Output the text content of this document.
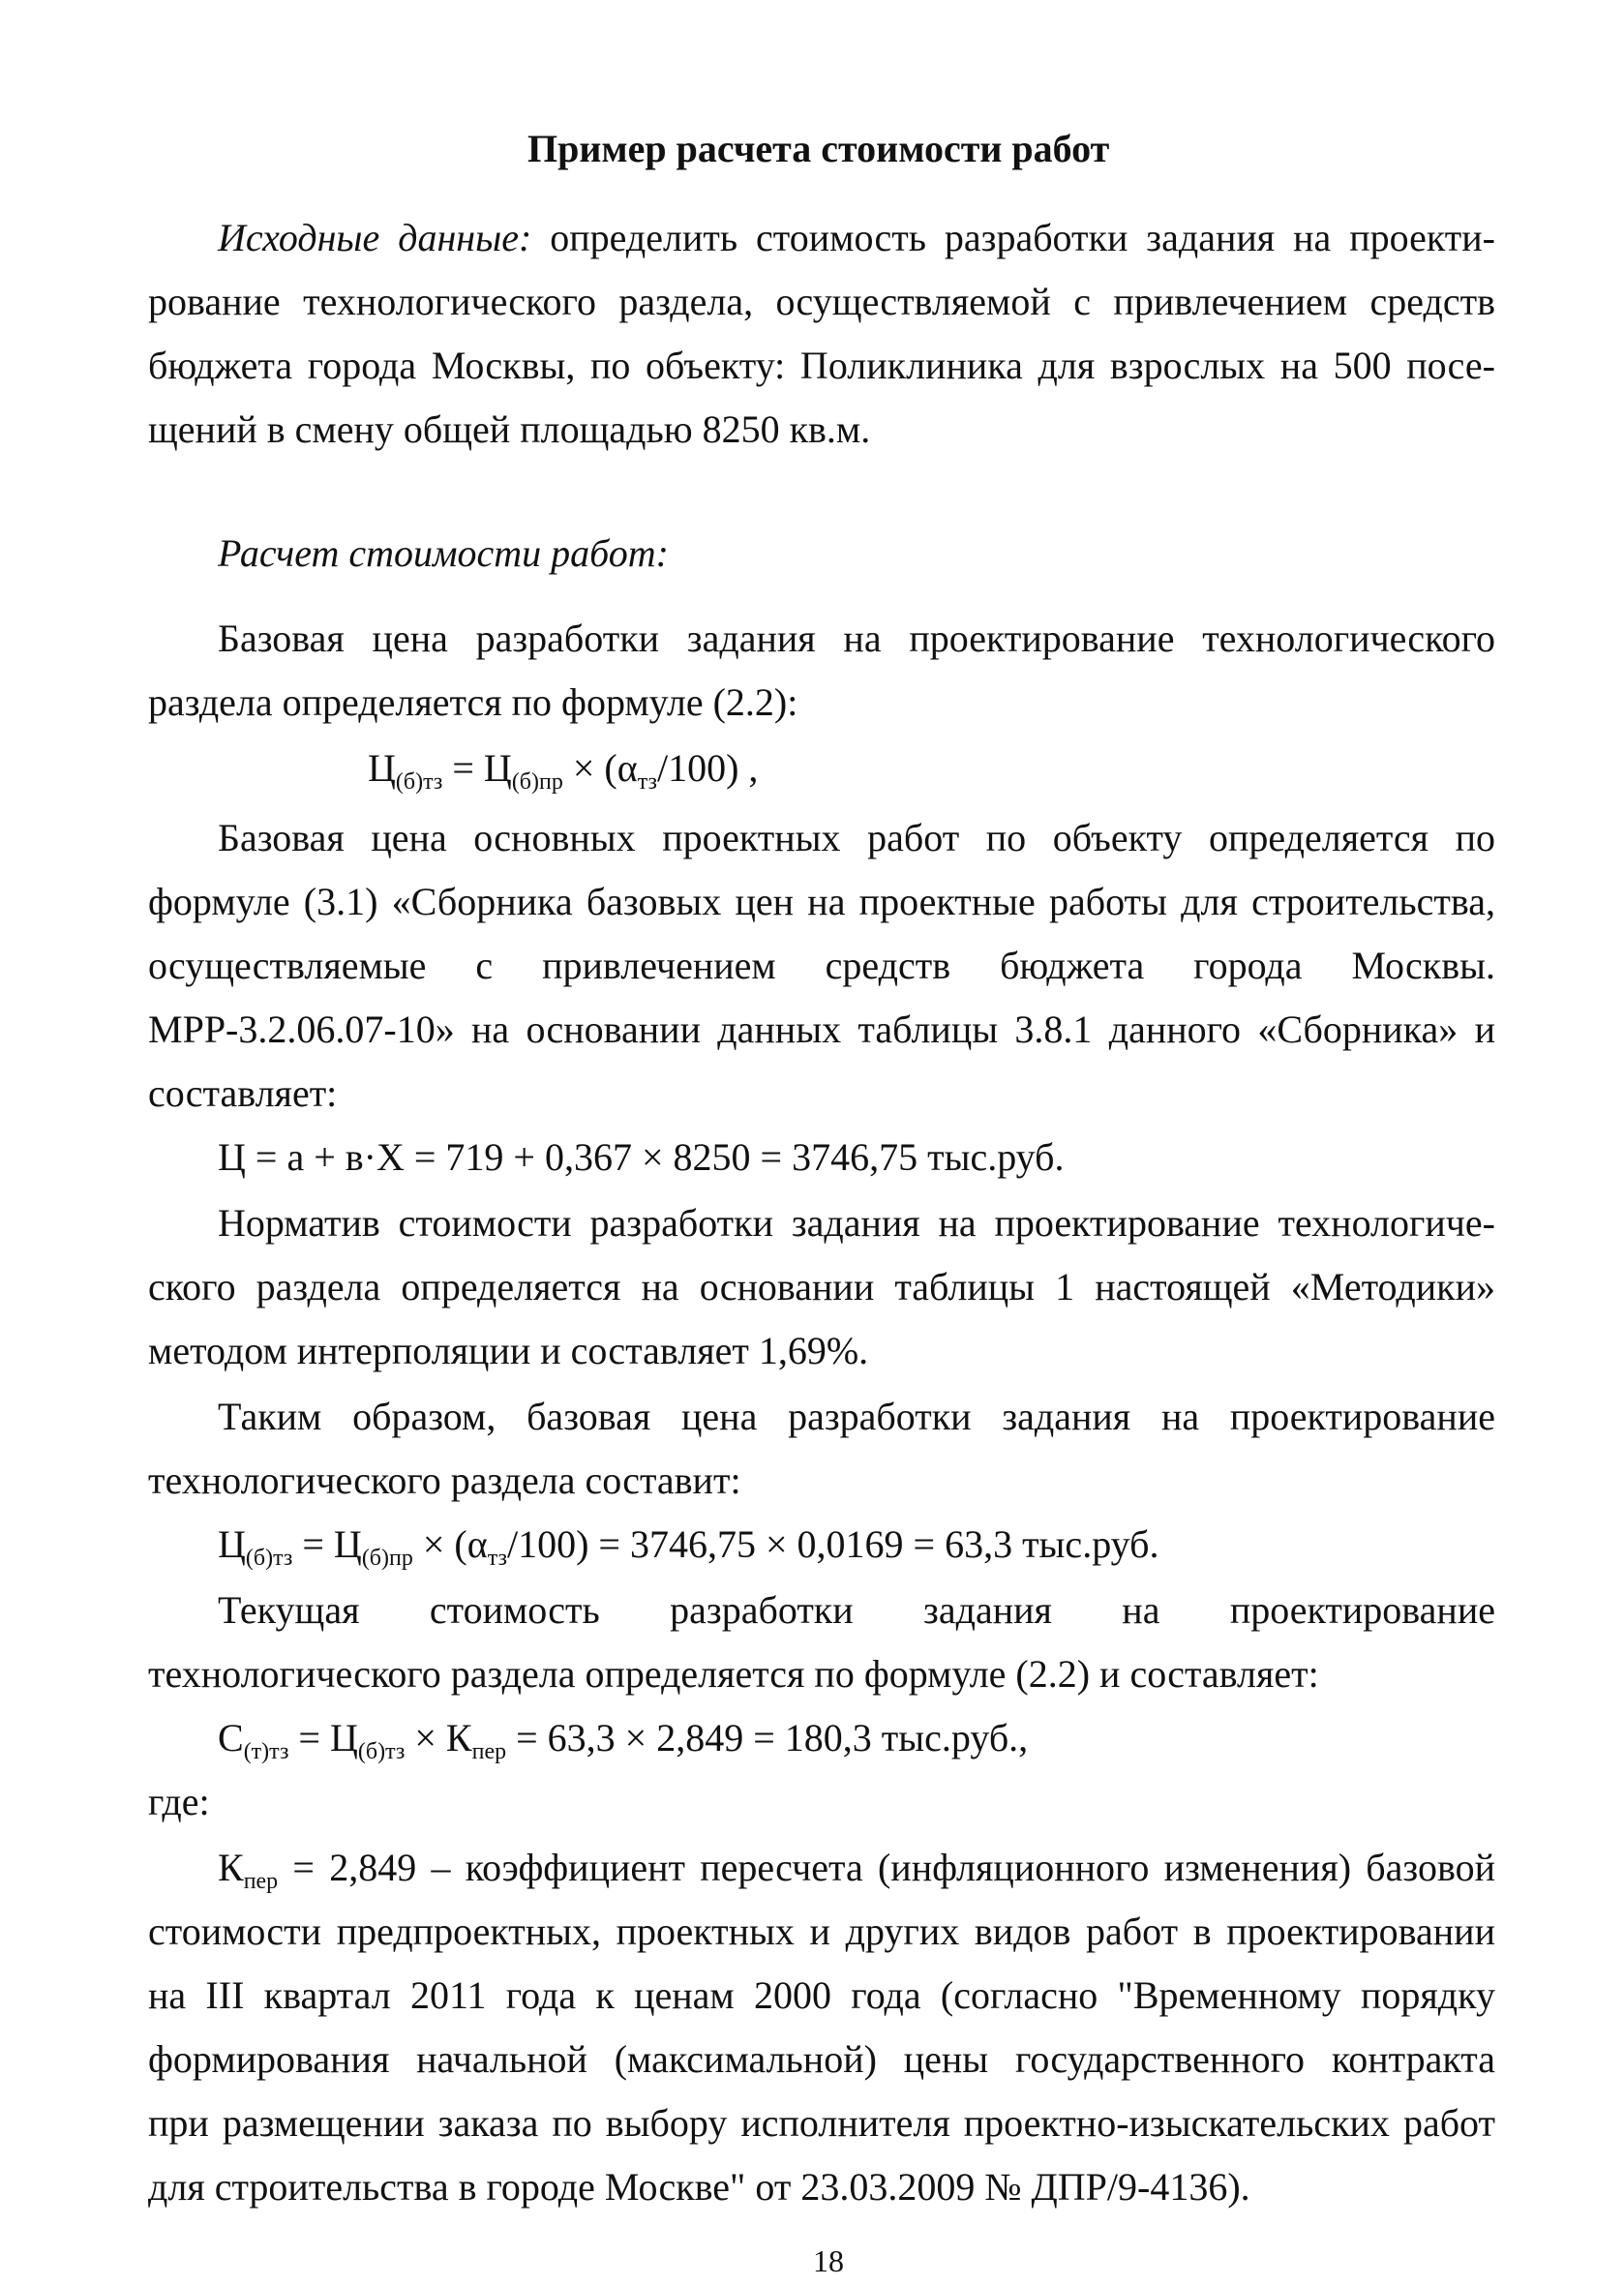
Пример расчета стоимости работ
Исходные данные: определить стоимость разработки задания на проекти-
рование технологического раздела, осуществляемой с привлечением средств
бюджета города Москвы, по объекту: Поликлиника для взрослых на 500 посе-
щений в смену общей площадью 8250 кв.м.
Расчет стоимости работ:
Базовая цена разработки задания на проектирование технологического
раздела определяется по формуле (2.2):
$Ц_{(б)тз} = Ц_{(б)пр} \times (\alpha_{тз}/100)$ ,
Базовая цена основных проектных работ по объекту определяется по
формуле (3.1) «Сборника базовых цен на проектные работы для строительства,
осуществляемые с привлечением средств бюджета города Москвы.
МРР-3.2.06.07-10» на основании данных таблицы 3.8.1 данного «Сборника» и
составляет:
Ц = а + в·Х = 719 + 0,367 × 8250 = 3746,75 тыс.руб.
Норматив стоимости разработки задания на проектирование технологиче-
ского раздела определяется на основании таблицы 1 настоящей «Методики»
методом интерполяции и составляет 1,69%.
Таким образом, базовая цена разработки задания на проектирование
технологического раздела составит:
$Ц_{(б)тз} = Ц_{(б)пр} \times (\alpha_{тз}/100) = 3746,75 \times 0,0169 = 63,3$ тыс.руб.
Текущая стоимость разработки задания на проектирование
технологического раздела определяется по формуле (2.2) и составляет:
$С_{(т)тз} = Ц_{(б)тз} \times К_{пер} = 63,3 \times 2,849 = 180,3$ тыс.руб.,
где:
$К_{пер} = 2,849$ – коэффициент пересчета (инфляционного изменения) базовой
стоимости предпроектных, проектных и других видов работ в проектировании
на III квартал 2011 года к ценам 2000 года (согласно "Временному порядку
формирования начальной (максимальной) цены государственного контракта
при размещении заказа по выбору исполнителя проектно-изыскательских работ
для строительства в городе Москве" от 23.03.2009 № ДПР/9-4136).
18
